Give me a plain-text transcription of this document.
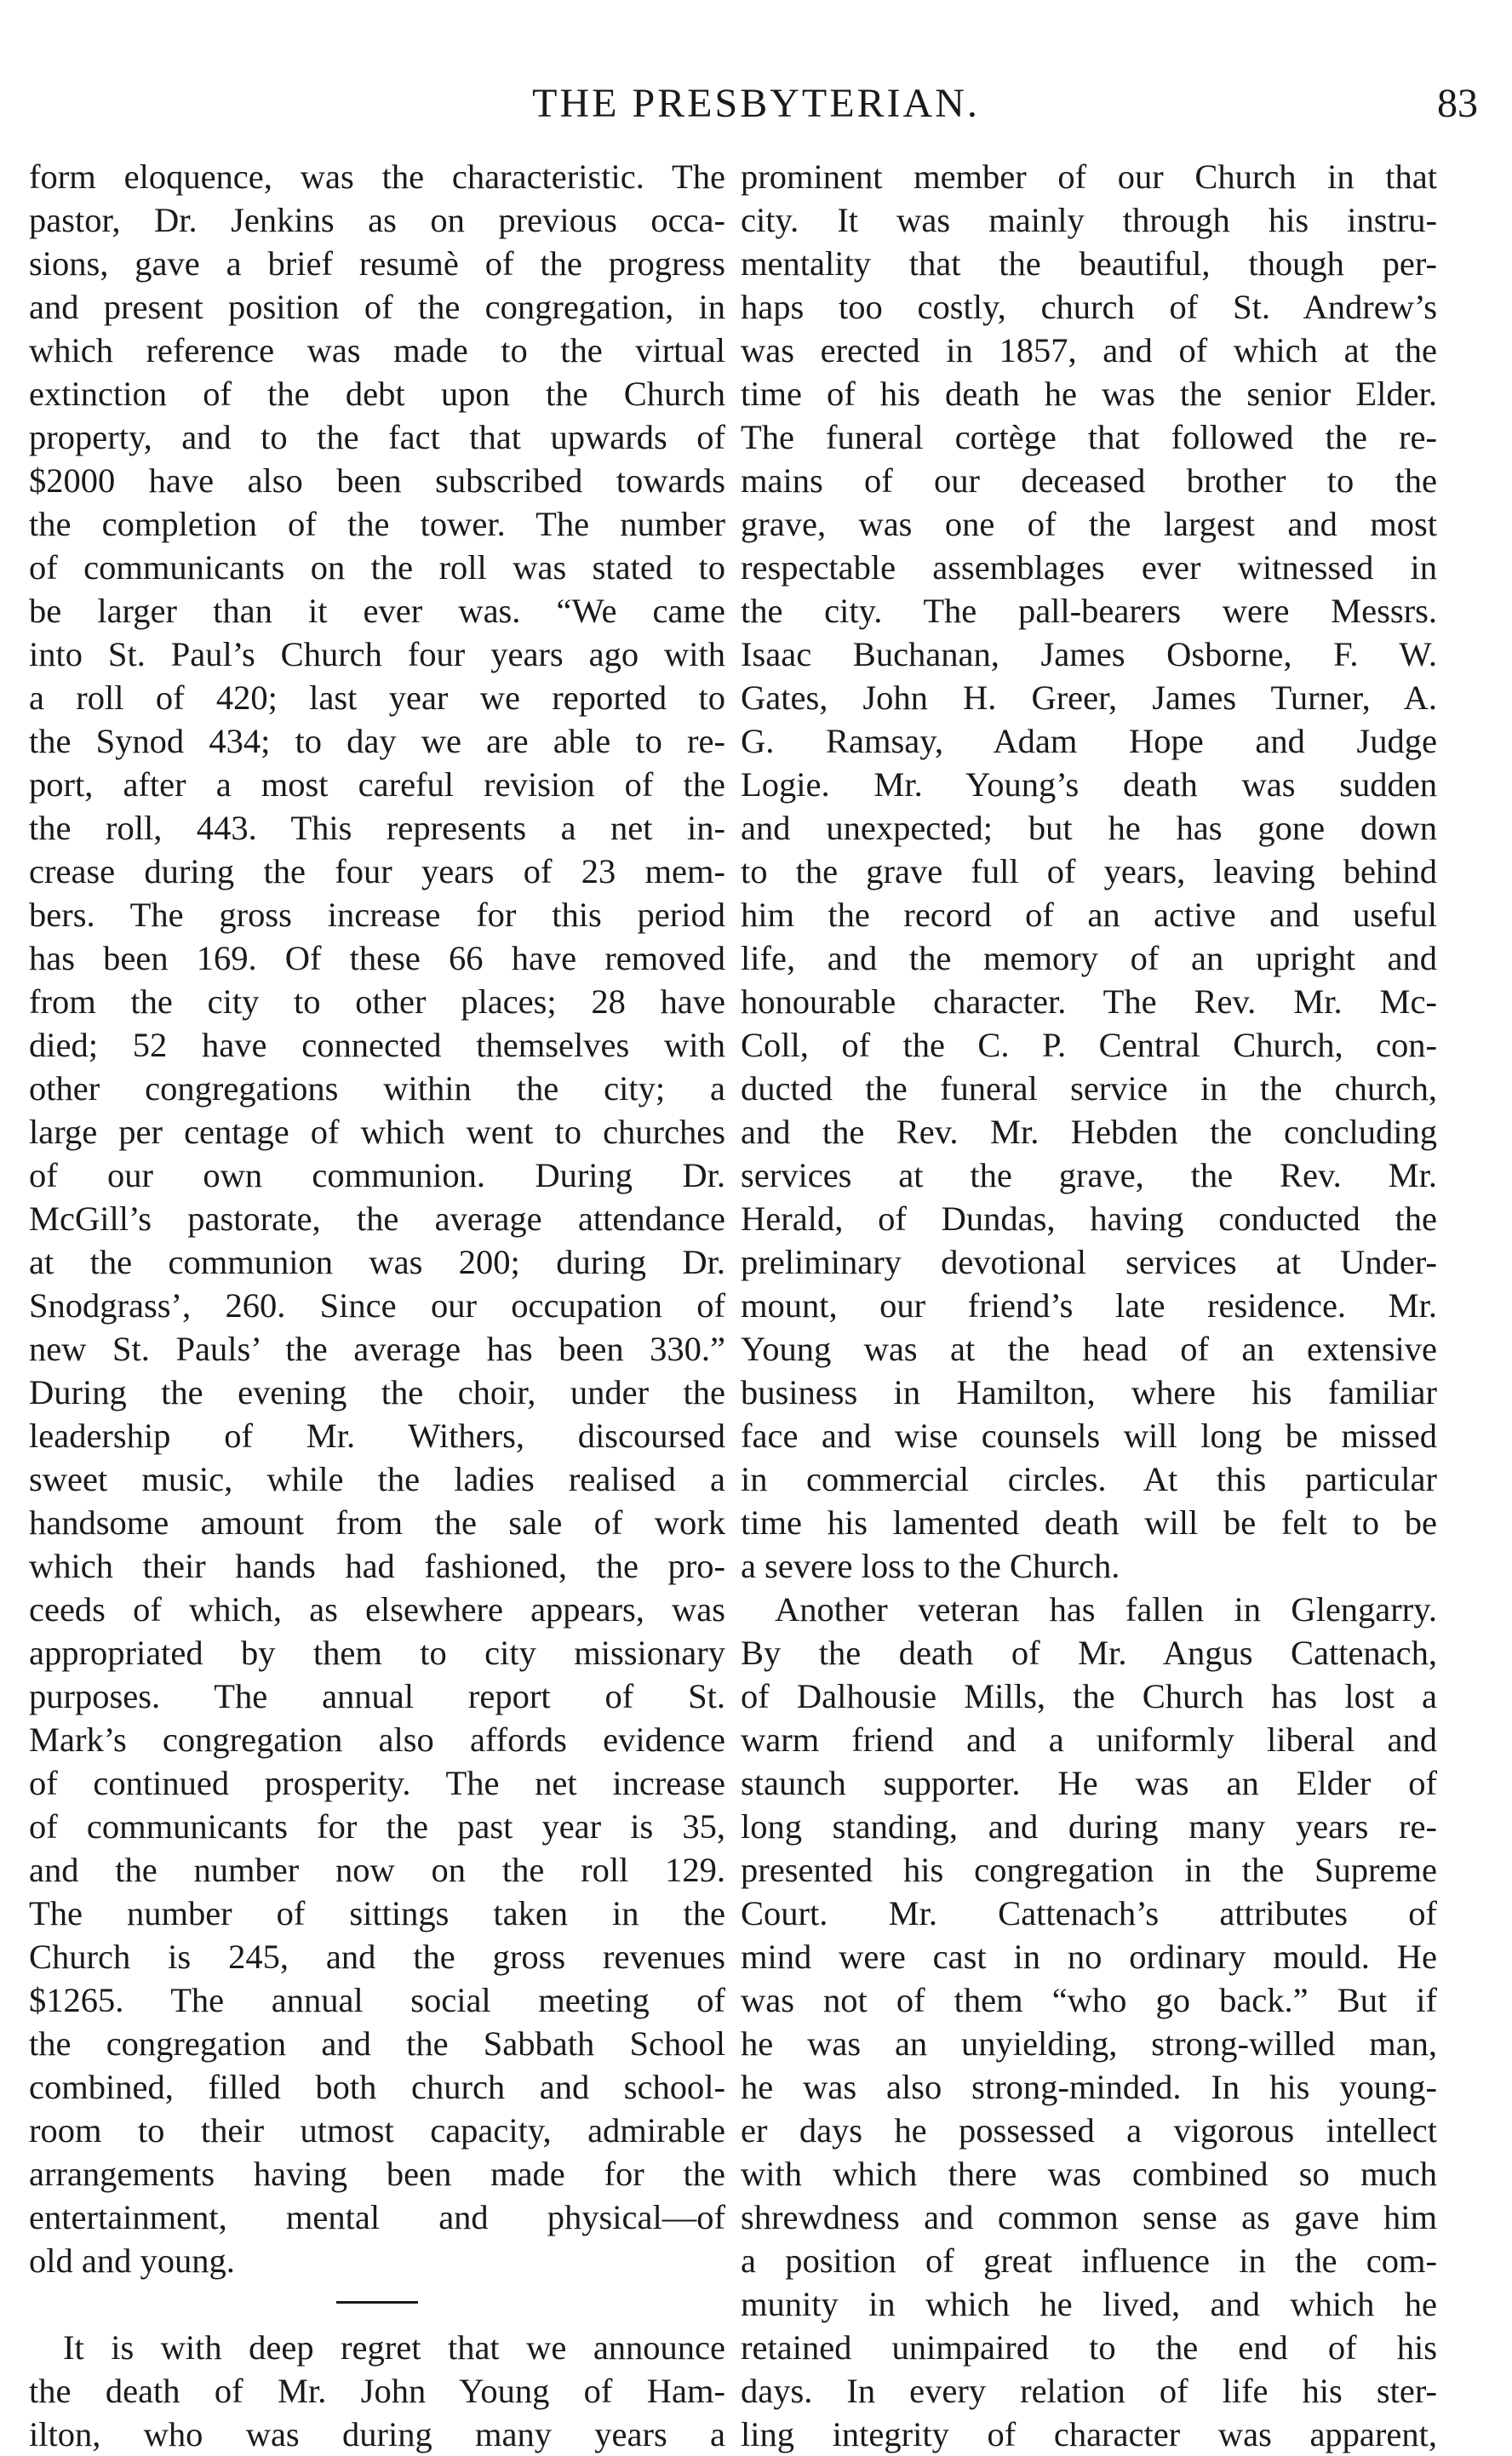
THE PRESBYTERIAN.	83
form eloquence, was the characteristic. The
pastor, Dr. Jenkins as on previous occa-
sions, gave a brief resumè of the progress
and present position of the congregation, in
which reference was made to the virtual
extinction of the debt upon the Church
property, and to the fact that upwards of
$2000 have also been subscribed towards
the completion of the tower. The number
of communicants on the roll was stated to
be larger than it ever was. “We came
into St. Paul’s Church four years ago with
a roll of 420; last year we reported to
the Synod 434; to day we are able to re-
port, after a most careful revision of the
the roll, 443. This represents a net in-
crease during the four years of 23 mem-
bers. The gross increase for this period
has been 169. Of these 66 have removed
from the city to other places; 28 have
died; 52 have connected themselves with
other congregations within the city; a
large per centage of which went to churches
of our own communion. During Dr.
McGill’s pastorate, the average attendance
at the communion was 200; during Dr.
Snodgrass’, 260. Since our occupation of
new St. Pauls’ the average has been 330.”
During the evening the choir, under the
leadership of Mr. Withers, discoursed
sweet music, while the ladies realised a
handsome amount from the sale of work
which their hands had fashioned, the pro-
ceeds of which, as elsewhere appears, was
appropriated by them to city missionary
purposes. The annual report of St.
Mark’s congregation also affords evidence
of continued prosperity. The net increase
of communicants for the past year is 35,
and the number now on the roll 129.
The number of sittings taken in the
Church is 245, and the gross revenues
$1265. The annual social meeting of
the congregation and the Sabbath School
combined, filled both church and school-
room to their utmost capacity, admirable
arrangements having been made for the
entertainment, mental and physical—of
old and young.
It is with deep regret that we announce
the death of Mr. John Young of Ham-
ilton, who was during many years a
prominent member of our Church in that
city. It was mainly through his instru-
mentality that the beautiful, though per-
haps too costly, church of St. Andrew’s
was erected in 1857, and of which at the
time of his death he was the senior Elder.
The funeral cortège that followed the re-
mains of our deceased brother to the
grave, was one of the largest and most
respectable assemblages ever witnessed in
the city. The pall-bearers were Messrs.
Isaac Buchanan, James Osborne, F. W.
Gates, John H. Greer, James Turner, A.
G. Ramsay, Adam Hope and Judge
Logie. Mr. Young’s death was sudden
and unexpected; but he has gone down
to the grave full of years, leaving behind
him the record of an active and useful
life, and the memory of an upright and
honourable character. The Rev. Mr. Mc-
Coll, of the C. P. Central Church, con-
ducted the funeral service in the church,
and the Rev. Mr. Hebden the concluding
services at the grave, the Rev. Mr.
Herald, of Dundas, having conducted the
preliminary devotional services at Under-
mount, our friend’s late residence. Mr.
Young was at the head of an extensive
business in Hamilton, where his familiar
face and wise counsels will long be missed
in commercial circles. At this particular
time his lamented death will be felt to be
a severe loss to the Church.
Another veteran has fallen in Glengarry.
By the death of Mr. Angus Cattenach,
of Dalhousie Mills, the Church has lost a
warm friend and a uniformly liberal and
staunch supporter. He was an Elder of
long standing, and during many years re-
presented his congregation in the Supreme
Court. Mr. Cattenach’s attributes of
mind were cast in no ordinary mould. He
was not of them “who go back.” But if
he was an unyielding, strong-willed man,
he was also strong-minded. In his young-
er days he possessed a vigorous intellect
with which there was combined so much
shrewdness and common sense as gave him
a position of great influence in the com-
munity in which he lived, and which he
retained unimpaired to the end of his
days. In every relation of life his ster-
ling integrity of character was apparent,
